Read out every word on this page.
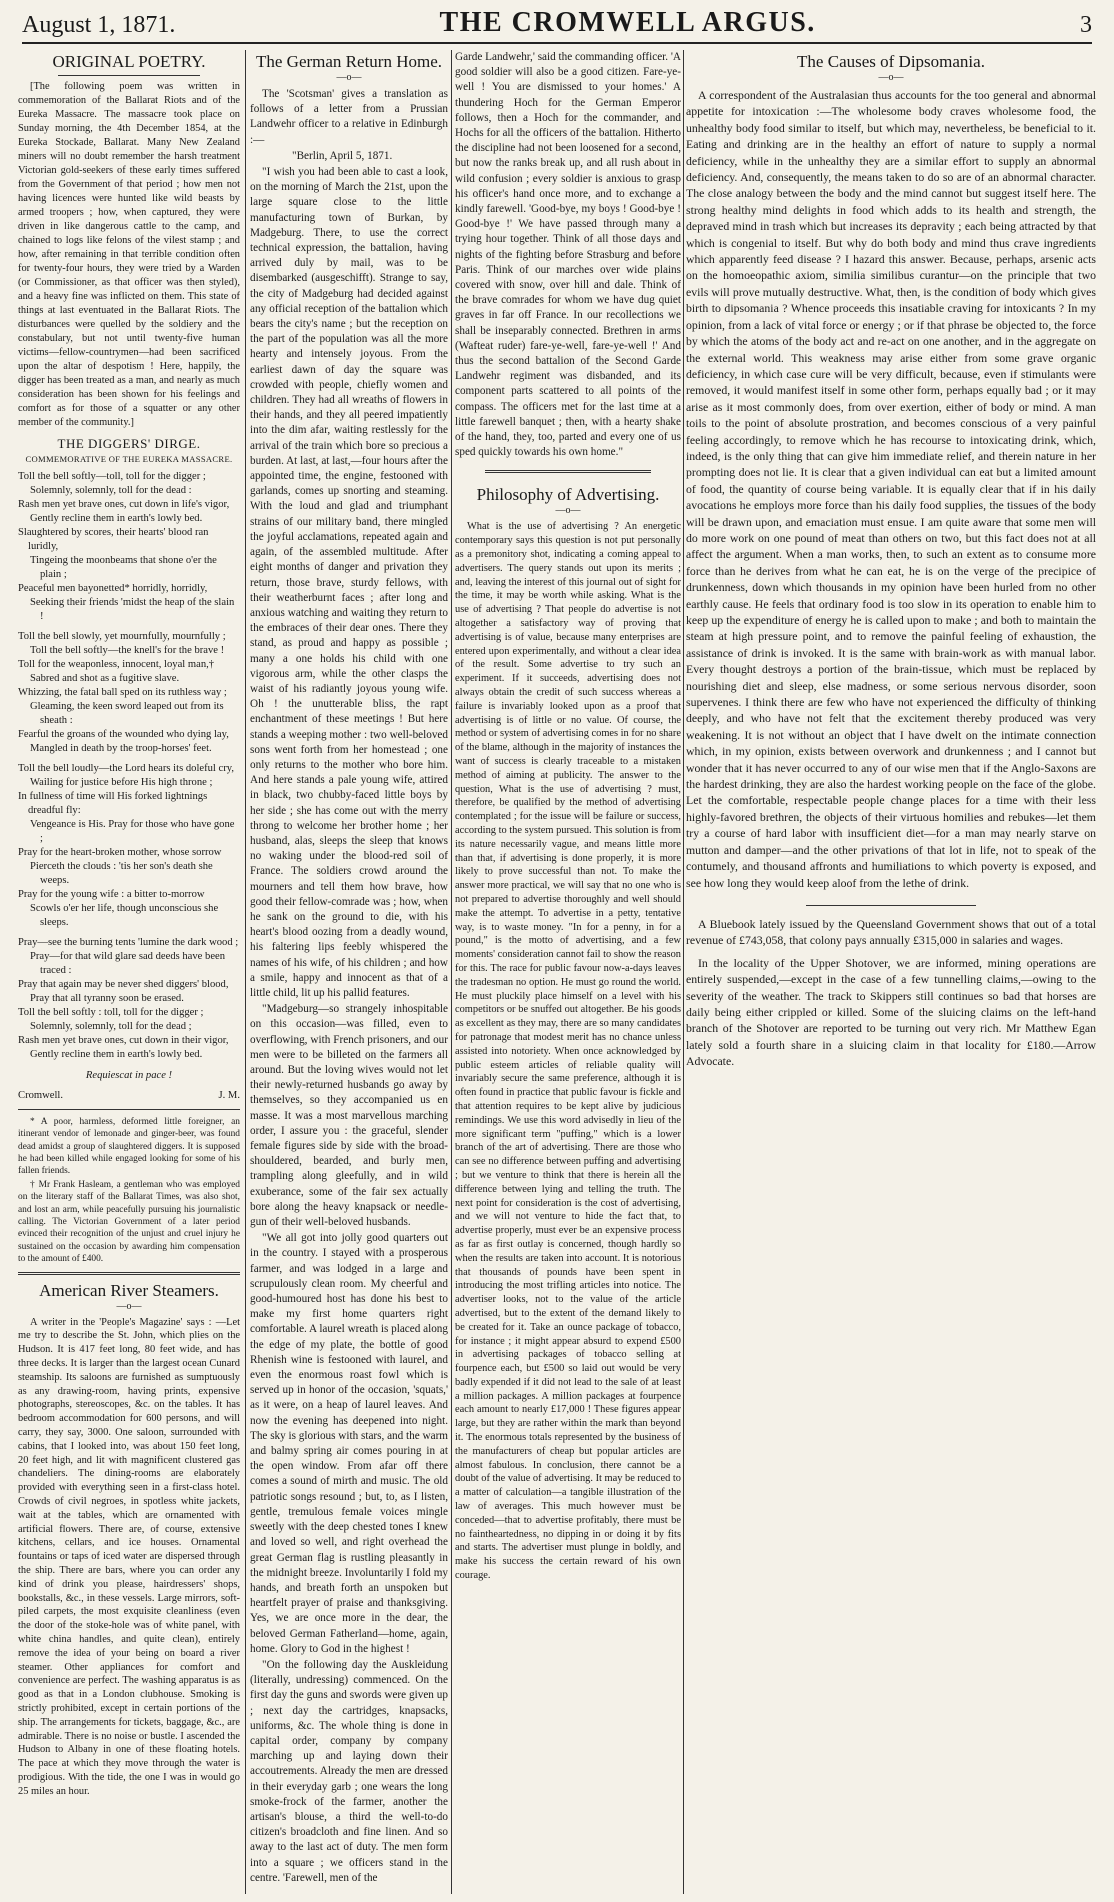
August 1, 1871.	THE CROMWELL ARGUS.	3
ORIGINAL POETRY.

[The following poem was written in commemoration of the Ballarat Riots and of the Eureka Massacre. The massacre took place on Sunday morning, the 4th December 1854, at the Eureka Stockade, Ballarat. Many New Zealand miners will no doubt remember the harsh treatment Victorian gold-seekers of these early times suffered from the Government of that period ; how men not having licences were hunted like wild beasts by armed troopers ; how, when captured, they were driven in like dangerous cattle to the camp, and chained to logs like felons of the vilest stamp ; and how, after remaining in that terrible condition often for twenty-four hours, they were tried by a Warden (or Commissioner, as that officer was then styled), and a heavy fine was inflicted on them. This state of things at last eventuated in the Ballarat Riots. The disturbances were quelled by the soldiery and the constabulary, but not until twenty-five human victims—fellow-countrymen—had been sacrificed upon the altar of despotism ! Here, happily, the digger has been treated as a man, and nearly as much consideration has been shown for his feelings and comfort as for those of a squatter or any other member of the community.]

THE DIGGERS' DIRGE.
COMMEMORATIVE OF THE EUREKA MASSACRE.
Toll the bell softly—toll, toll for the digger ;
Solemnly, solemnly, toll for the dead :
Rash men yet brave ones, cut down in life's vigor,
Gently recline them in earth's lowly bed.
Slaughtered by scores, their hearts' blood ran luridly,
Tingeing the moonbeams that shone o'er the plain ;
Peaceful men bayonetted* horridly, horridly,
Seeking their friends 'midst the heap of the slain !
Toll the bell slowly, yet mournfully, mournfully ;
Toll the bell softly—the knell's for the brave !
Toll for the weaponless, innocent, loyal man,†
Sabred and shot as a fugitive slave.
Whizzing, the fatal ball sped on its ruthless way ;
Gleaming, the keen sword leaped out from its sheath :
Fearful the groans of the wounded who dying lay,
Mangled in death by the troop-horses' feet.
Toll the bell loudly—the Lord hears its doleful cry,
Wailing for justice before His high throne ;
In fullness of time will His forked lightnings dreadful fly:
Vengeance is His. Pray for those who have gone ;
Pray for the heart-broken mother, whose sorrow
Pierceth the clouds : 'tis her son's death she weeps.
Pray for the young wife : a bitter to-morrow
Scowls o'er her life, though unconscious she sleeps.
Pray—see the burning tents 'lumine the dark wood ;
Pray—for that wild glare sad deeds have been traced :
Pray that again may be never shed diggers' blood,
Pray that all tyranny soon be erased.
Toll the bell softly : toll, toll for the digger ;
Solemnly, solemnly, toll for the dead ;
Rash men yet brave ones, cut down in their vigor,
Gently recline them in earth's lowly bed.
Requiescat in pace !
Cromwell.	J. M.

* A poor, harmless, deformed little foreigner, an itinerant vendor of lemonade and ginger-beer, was found dead amidst a group of slaughtered diggers. It is supposed he had been killed while engaged looking for some of his fallen friends.

† Mr Frank Hasleam, a gentleman who was employed on the literary staff of the Ballarat Times, was also shot, and lost an arm, while peacefully pursuing his journalistic calling. The Victorian Government of a later period evinced their recognition of the unjust and cruel injury he sustained on the occasion by awarding him compensation to the amount of £400.

American River Steamers.
—o—

A writer in the 'People's Magazine' says : —Let me try to describe the St. John, which plies on the Hudson. It is 417 feet long, 80 feet wide, and has three decks. It is larger than the largest ocean Cunard steamship. Its saloons are furnished as sumptuously as any drawing-room, having prints, expensive photographs, stereoscopes, &c. on the tables. It has bedroom accommodation for 600 persons, and will carry, they say, 3000. One saloon, surrounded with cabins, that I looked into, was about 150 feet long, 20 feet high, and lit with magnificent clustered gas chandeliers. The dining-rooms are elaborately provided with everything seen in a first-class hotel. Crowds of civil negroes, in spotless white jackets, wait at the tables, which are ornamented with artificial flowers. There are, of course, extensive kitchens, cellars, and ice houses. Ornamental fountains or taps of iced water are dispersed through the ship. There are bars, where you can order any kind of drink you please, hairdressers' shops, bookstalls, &c., in these vessels. Large mirrors, soft-piled carpets, the most exquisite cleanliness (even the door of the stoke-hole was of white panel, with white china handles, and quite clean), entirely remove the idea of your being on board a river steamer. Other appliances for comfort and convenience are perfect. The washing apparatus is as good as that in a London clubhouse. Smoking is strictly prohibited, except in certain portions of the ship. The arrangements for tickets, baggage, &c., are admirable. There is no noise or bustle. I ascended the Hudson to Albany in one of these floating hotels. The pace at which they move through the water is prodigious. With the tide, the one I was in would go 25 miles an hour.

The German Return Home.
—o—

The 'Scotsman' gives a translation as follows of a letter from a Prussian Landwehr officer to a relative in Edinburgh :—

"Berlin, April 5, 1871.

"I wish you had been able to cast a look, on the morning of March the 21st, upon the large square close to the little manufacturing town of Burkan, by Madgeburg. There, to use the correct technical expression, the battalion, having arrived duly by mail, was to be disembarked (ausgeschifft). Strange to say, the city of Madgeburg had decided against any official reception of the battalion which bears the city's name ; but the reception on the part of the population was all the more hearty and intensely joyous. From the earliest dawn of day the square was crowded with people, chiefly women and children. They had all wreaths of flowers in their hands, and they all peered impatiently into the dim afar, waiting restlessly for the arrival of the train which bore so precious a burden. At last, at last,—four hours after the appointed time, the engine, festooned with garlands, comes up snorting and steaming. With the loud and glad and triumphant strains of our military band, there mingled the joyful acclamations, repeated again and again, of the assembled multitude. After eight months of danger and privation they return, those brave, sturdy fellows, with their weatherburnt faces ; after long and anxious watching and waiting they return to the embraces of their dear ones. There they stand, as proud and happy as possible ; many a one holds his child with one vigorous arm, while the other clasps the waist of his radiantly joyous young wife. Oh ! the unutterable bliss, the rapt enchantment of these meetings ! But here stands a weeping mother : two well-beloved sons went forth from her homestead ; one only returns to the mother who bore him. And here stands a pale young wife, attired in black, two chubby-faced little boys by her side ; she has come out with the merry throng to welcome her brother home ; her husband, alas, sleeps the sleep that knows no waking under the blood-red soil of France. The soldiers crowd around the mourners and tell them how brave, how good their fellow-comrade was ; how, when he sank on the ground to die, with his heart's blood oozing from a deadly wound, his faltering lips feebly whispered the names of his wife, of his children ; and how a smile, happy and innocent as that of a little child, lit up his pallid features.

"Madgeburg—so strangely inhospitable on this occasion—was filled, even to overflowing, with French prisoners, and our men were to be billeted on the farmers all around. But the loving wives would not let their newly-returned husbands go away by themselves, so they accompanied us en masse. It was a most marvellous marching order, I assure you : the graceful, slender female figures side by side with the broad-shouldered, bearded, and burly men, trampling along gleefully, and in wild exuberance, some of the fair sex actually bore along the heavy knapsack or needle-gun of their well-beloved husbands.

"We all got into jolly good quarters out in the country. I stayed with a prosperous farmer, and was lodged in a large and scrupulously clean room. My cheerful and good-humoured host has done his best to make my first home quarters right comfortable. A laurel wreath is placed along the edge of my plate, the bottle of good Rhenish wine is festooned with laurel, and even the enormous roast fowl which is served up in honor of the occasion, 'squats,' as it were, on a heap of laurel leaves. And now the evening has deepened into night. The sky is glorious with stars, and the warm and balmy spring air comes pouring in at the open window. From afar off there comes a sound of mirth and music. The old patriotic songs resound ; but, to, as I listen, gentle, tremulous female voices mingle sweetly with the deep chested tones I knew and loved so well, and right overhead the great German flag is rustling pleasantly in the midnight breeze. Involuntarily I fold my hands, and breath forth an unspoken but heartfelt prayer of praise and thanksgiving. Yes, we are once more in the dear, the beloved German Fatherland—home, again, home. Glory to God in the highest !

"On the following day the Auskleidung (literally, undressing) commenced. On the first day the guns and swords were given up ; next day the cartridges, knapsacks, uniforms, &c. The whole thing is done in capital order, company by company marching up and laying down their accoutrements. Already the men are dressed in their everyday garb ; one wears the long smoke-frock of the farmer, another the artisan's blouse, a third the well-to-do citizen's broadcloth and fine linen. And so away to the last act of duty. The men form into a square ; we officers stand in the centre. 'Farewell, men of the

Garde Landwehr,' said the commanding officer. 'A good soldier will also be a good citizen. Fare-ye-well ! You are dismissed to your homes.' A thundering Hoch for the German Emperor follows, then a Hoch for the commander, and Hochs for all the officers of the battalion. Hitherto the discipline had not been loosened for a second, but now the ranks break up, and all rush about in wild confusion ; every soldier is anxious to grasp his officer's hand once more, and to exchange a kindly farewell. 'Good-bye, my boys ! Good-bye ! Good-bye !' We have passed through many a trying hour together. Think of all those days and nights of the fighting before Strasburg and before Paris. Think of our marches over wide plains covered with snow, over hill and dale. Think of the brave comrades for whom we have dug quiet graves in far off France. In our recollections we shall be inseparably connected. Brethren in arms (Wafteat ruder) fare-ye-well, fare-ye-well !' And thus the second battalion of the Second Garde Landwehr regiment was disbanded, and its component parts scattered to all points of the compass. The officers met for the last time at a little farewell banquet ; then, with a hearty shake of the hand, they, too, parted and every one of us sped quickly towards his own home."

Philosophy of Advertising.
—o—

What is the use of advertising ? An energetic contemporary says this question is not put personally as a premonitory shot, indicating a coming appeal to advertisers. The query stands out upon its merits ; and, leaving the interest of this journal out of sight for the time, it may be worth while asking. What is the use of advertising ? That people do advertise is not altogether a satisfactory way of proving that advertising is of value, because many enterprises are entered upon experimentally, and without a clear idea of the result. Some advertise to try such an experiment. If it succeeds, advertising does not always obtain the credit of such success whereas a failure is invariably looked upon as a proof that advertising is of little or no value. Of course, the method or system of advertising comes in for no share of the blame, although in the majority of instances the want of success is clearly traceable to a mistaken method of aiming at publicity. The answer to the question, What is the use of advertising ? must, therefore, be qualified by the method of advertising contemplated ; for the issue will be failure or success, according to the system pursued. This solution is from its nature necessarily vague, and means little more than that, if advertising is done properly, it is more likely to prove successful than not. To make the answer more practical, we will say that no one who is not prepared to advertise thoroughly and well should make the attempt. To advertise in a petty, tentative way, is to waste money. "In for a penny, in for a pound," is the motto of advertising, and a few moments' consideration cannot fail to show the reason for this. The race for public favour now-a-days leaves the tradesman no option. He must go round the world. He must pluckily place himself on a level with his competitors or be snuffed out altogether. Be his goods as excellent as they may, there are so many candidates for patronage that modest merit has no chance unless assisted into notoriety. When once acknowledged by public esteem articles of reliable quality will invariably secure the same preference, although it is often found in practice that public favour is fickle and that attention requires to be kept alive by judicious remindings. We use this word advisedly in lieu of the more significant term "puffing," which is a lower branch of the art of advertising. There are those who can see no difference between puffing and advertising ; but we venture to think that there is herein all the difference between lying and telling the truth. The next point for consideration is the cost of advertising, and we will not venture to hide the fact that, to advertise properly, must ever be an expensive process as far as first outlay is concerned, though hardly so when the results are taken into account. It is notorious that thousands of pounds have been spent in introducing the most trifling articles into notice. The advertiser looks, not to the value of the article advertised, but to the extent of the demand likely to be created for it. Take an ounce package of tobacco, for instance ; it might appear absurd to expend £500 in advertising packages of tobacco selling at fourpence each, but £500 so laid out would be very badly expended if it did not lead to the sale of at least a million packages. A million packages at fourpence each amount to nearly £17,000 ! These figures appear large, but they are rather within the mark than beyond it. The enormous totals represented by the business of the manufacturers of cheap but popular articles are almost fabulous. In conclusion, there cannot be a doubt of the value of advertising. It may be reduced to a matter of calculation—a tangible illustration of the law of averages. This much however must be conceded—that to advertise profitably, there must be no faintheartedness, no dipping in or doing it by fits and starts. The advertiser must plunge in boldly, and make his success the certain reward of his own courage.

The Causes of Dipsomania.
—o—

A correspondent of the Australasian thus accounts for the too general and abnormal appetite for intoxication :—The wholesome body craves wholesome food, the unhealthy body food similar to itself, but which may, nevertheless, be beneficial to it. Eating and drinking are in the healthy an effort of nature to supply a normal deficiency, while in the unhealthy they are a similar effort to supply an abnormal deficiency. And, consequently, the means taken to do so are of an abnormal character. The close analogy between the body and the mind cannot but suggest itself here. The strong healthy mind delights in food which adds to its health and strength, the depraved mind in trash which but increases its depravity ; each being attracted by that which is congenial to itself. But why do both body and mind thus crave ingredients which apparently feed disease ? I hazard this answer. Because, perhaps, arsenic acts on the homoeopathic axiom, similia similibus curantur—on the principle that two evils will prove mutually destructive. What, then, is the condition of body which gives birth to dipsomania ? Whence proceeds this insatiable craving for intoxicants ? In my opinion, from a lack of vital force or energy ; or if that phrase be objected to, the force by which the atoms of the body act and re-act on one another, and in the aggregate on the external world. This weakness may arise either from some grave organic deficiency, in which case cure will be very difficult, because, even if stimulants were removed, it would manifest itself in some other form, perhaps equally bad ; or it may arise as it most commonly does, from over exertion, either of body or mind. A man toils to the point of absolute prostration, and becomes conscious of a very painful feeling accordingly, to remove which he has recourse to intoxicating drink, which, indeed, is the only thing that can give him immediate relief, and therein nature in her prompting does not lie. It is clear that a given individual can eat but a limited amount of food, the quantity of course being variable. It is equally clear that if in his daily avocations he employs more force than his daily food supplies, the tissues of the body will be drawn upon, and emaciation must ensue. I am quite aware that some men will do more work on one pound of meat than others on two, but this fact does not at all affect the argument. When a man works, then, to such an extent as to consume more force than he derives from what he can eat, he is on the verge of the precipice of drunkenness, down which thousands in my opinion have been hurled from no other earthly cause. He feels that ordinary food is too slow in its operation to enable him to keep up the expenditure of energy he is called upon to make ; and both to maintain the steam at high pressure point, and to remove the painful feeling of exhaustion, the assistance of drink is invoked. It is the same with brain-work as with manual labor. Every thought destroys a portion of the brain-tissue, which must be replaced by nourishing diet and sleep, else madness, or some serious nervous disorder, soon supervenes. I think there are few who have not experienced the difficulty of thinking deeply, and who have not felt that the excitement thereby produced was very weakening. It is not without an object that I have dwelt on the intimate connection which, in my opinion, exists between overwork and drunkenness ; and I cannot but wonder that it has never occurred to any of our wise men that if the Anglo-Saxons are the hardest drinking, they are also the hardest working people on the face of the globe. Let the comfortable, respectable people change places for a time with their less highly-favored brethren, the objects of their virtuous homilies and rebukes—let them try a course of hard labor with insufficient diet—for a man may nearly starve on mutton and damper—and the other privations of that lot in life, not to speak of the contumely, and thousand affronts and humiliations to which poverty is exposed, and see how long they would keep aloof from the lethe of drink.

A Bluebook lately issued by the Queensland Government shows that out of a total revenue of £743,058, that colony pays annually £315,000 in salaries and wages.

In the locality of the Upper Shotover, we are informed, mining operations are entirely suspended,—except in the case of a few tunnelling claims,—owing to the severity of the weather. The track to Skippers still continues so bad that horses are daily being either crippled or killed. Some of the sluicing claims on the left-hand branch of the Shotover are reported to be turning out very rich. Mr Matthew Egan lately sold a fourth share in a sluicing claim in that locality for £180.—Arrow Advocate.
